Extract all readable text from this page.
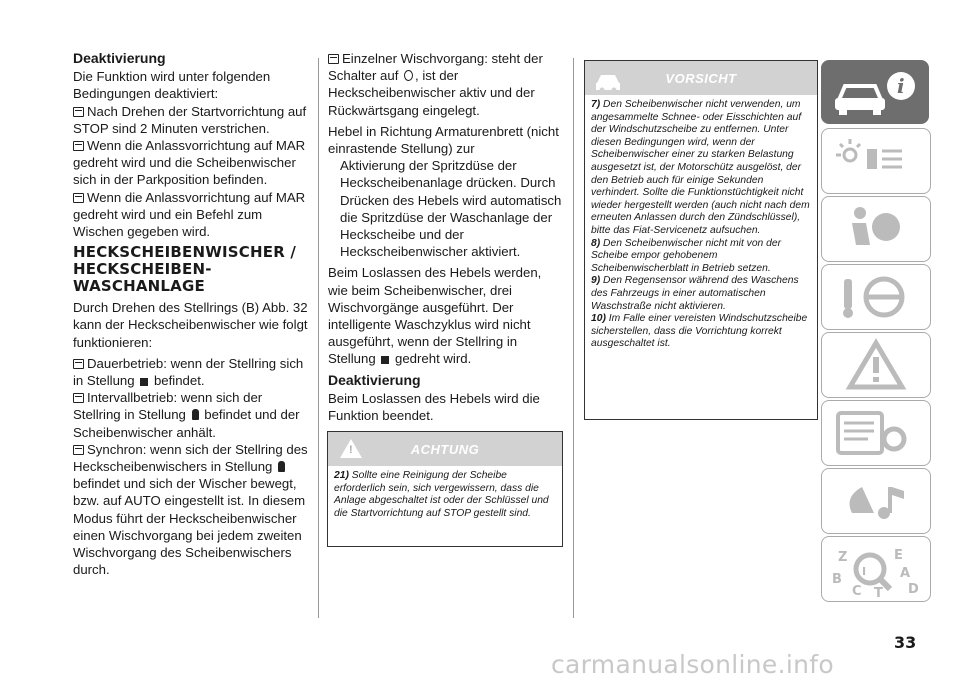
Deaktivierung

Die Funktion wird unter folgenden Bedingungen deaktiviert:

Nach Drehen der Startvorrichtung auf STOP sind 2 Minuten verstrichen.

Wenn die Anlassvorrichtung auf MAR gedreht wird und die Scheibenwischer sich in der Parkposition befinden.

Wenn die Anlassvorrichtung auf MAR gedreht wird und ein Befehl zum Wischen gegeben wird.

HECKSCHEIBENWISCHER / HECKSCHEIBEN-WASCHANLAGE

Durch Drehen des Stellrings (B) Abb. 32 kann der Heckscheibenwischer wie folgt funktionieren:

Dauerbetrieb: wenn der Stellring sich in Stellung befindet.

Intervallbetrieb: wenn sich der Stellring in Stellung befindet und der Scheibenwischer anhält.

Synchron: wenn sich der Stellring des Heckscheibenwischers in Stellung  befindet und sich der Wischer bewegt, bzw. auf AUTO eingestellt ist. In diesem Modus führt der Heckscheibenwischer einen Wischvorgang bei jedem zweiten Wischvorgang des Scheibenwischers durch.

Einzelner Wischvorgang: steht der Schalter auf , ist der Heckscheibenwischer aktiv und der Rückwärtsgang eingelegt.

Hebel in Richtung Armaturenbrett (nicht einrastende Stellung) zur

Aktivierung der Spritzdüse der Heckscheibenanlage drücken. Durch Drücken des Hebels wird automatisch die Spritzdüse der Waschanlage der Heckscheibe und der Heckscheibenwischer aktiviert.

Beim Loslassen des Hebels werden, wie beim Scheibenwischer, drei Wischvorgänge ausgeführt. Der intelligente Waschzyklus wird nicht ausgeführt, wenn der Stellring in Stellung gedreht wird.

Deaktivierung

Beim Loslassen des Hebels wird die Funktion beendet.

!	ACHTUNG
21) Sollte eine Reinigung der Scheibe erforderlich sein, sich vergewissern, dass die Anlage abgeschaltet ist oder der Schlüssel und die Startvorrichtung auf STOP gestellt sind.
VORSICHT

7) Den Scheibenwischer nicht verwenden, um angesammelte Schnee- oder Eisschichten auf der Windschutzscheibe zu entfernen. Unter diesen Bedingungen wird, wenn der Scheibenwischer einer zu starken Belastung ausgesetzt ist, der Motorschütz ausgelöst, der den Betrieb auch für einige Sekunden verhindert. Sollte die Funktionstüchtigkeit nicht wieder hergestellt werden (auch nicht nach dem erneuten Anlassen durch den Zündschlüssel), bitte das Fiat-Servicenetz aufsuchen.

8) Den Scheibenwischer nicht mit von der Scheibe empor gehobenem Scheibenwischerblatt in Betrieb setzen.

9) Den Regensensor während des Waschens des Fahrzeugs in einer automatischen Waschstraße nicht aktivieren.

10) Im Falle einer vereisten Windschutzscheibe sicherstellen, dass die Vorrichtung korrekt ausgeschaltet ist.

i
Z	E
B	A
D
C T
I
33
carmanualsonline.info
